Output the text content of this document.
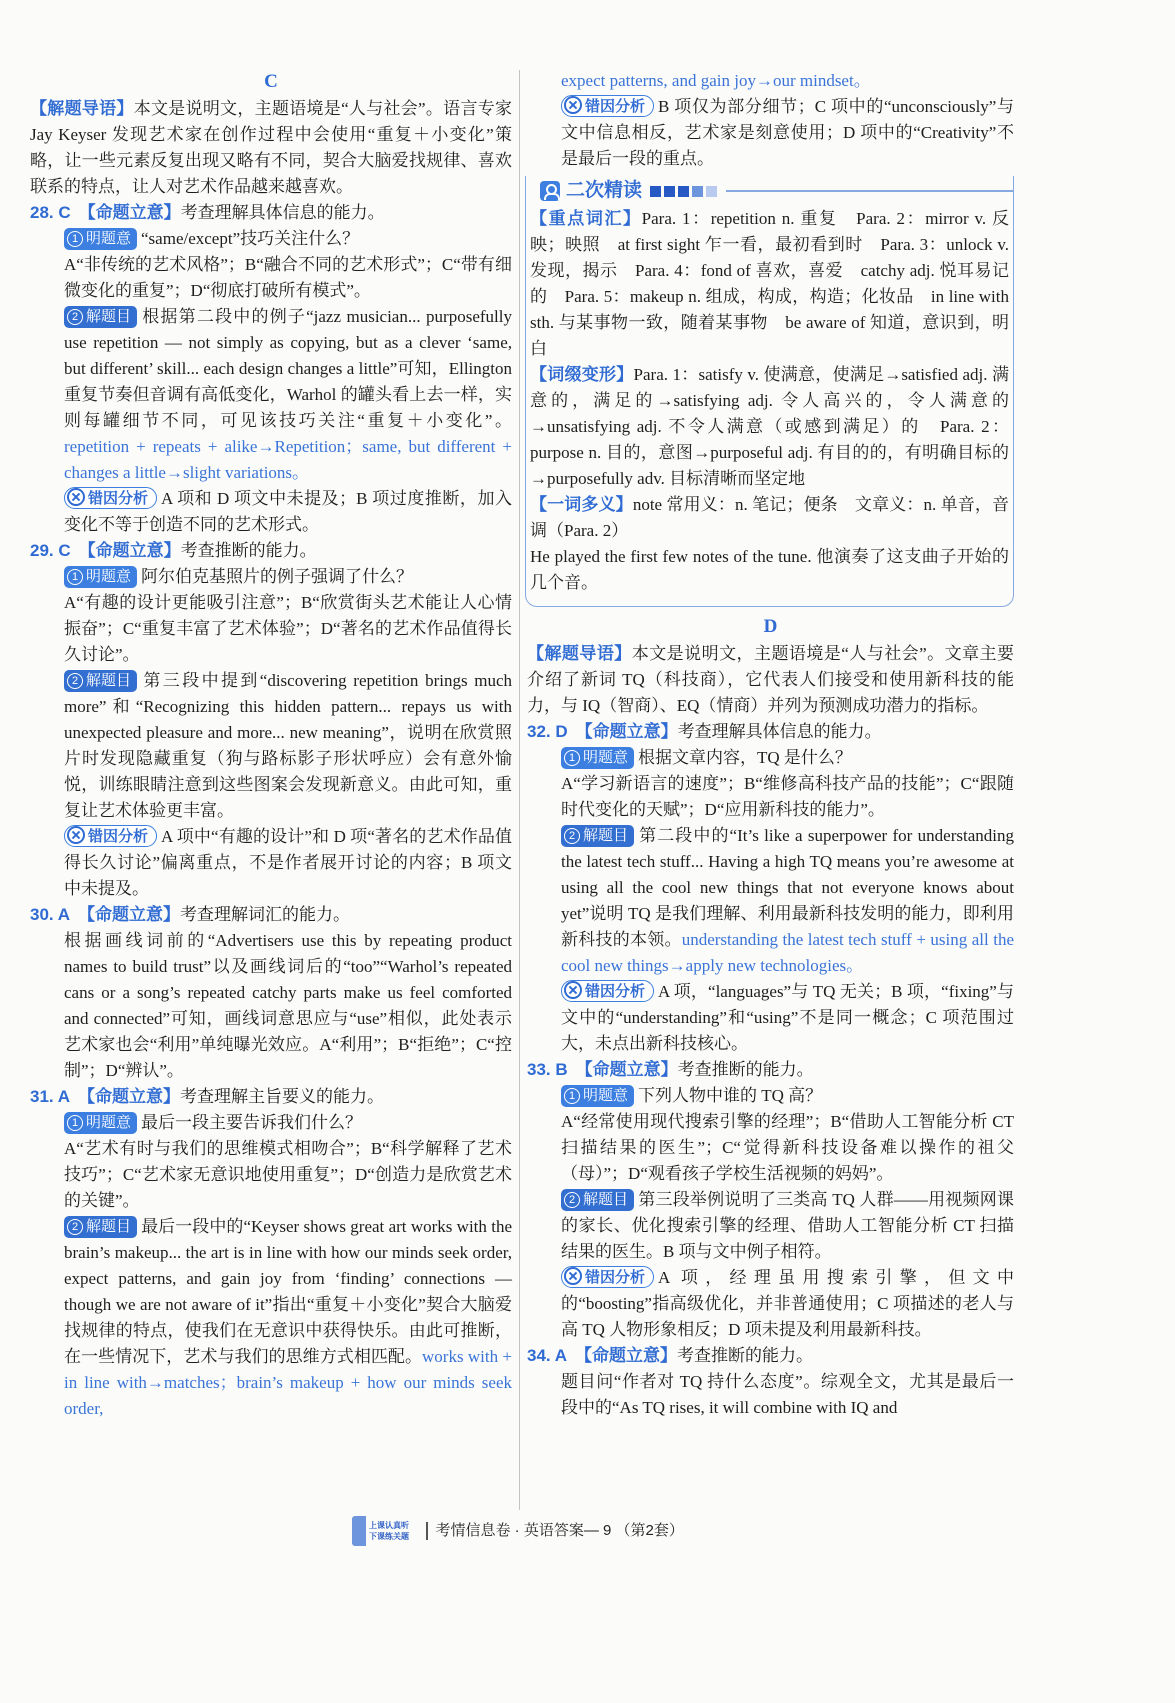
C
【解题导语】本文是说明文，主题语境是“人与社会”。语言专家 Jay Keyser 发现艺术家在创作过程中会使用“重复＋小变化”策略，让一些元素反复出现又略有不同，契合大脑爱找规律、喜欢联系的特点，让人对艺术作品越来越喜欢。
28. C 【命题立意】考查理解具体信息的能力。
1 明题意 “same/except”技巧关注什么？
A“非传统的艺术风格”；B“融合不同的艺术形式”；C“带有细微变化的重复”；D“彻底打破所有模式”。
2 解题目 根据第二段中的例子“jazz musician... purposefully use repetition — not simply as copying, but as a clever ‘same, but different’ skill... each design changes a little”可知，Ellington 重复节奏但音调有高低变化，Warhol 的罐头看上去一样，实则每罐细节不同，可见该技巧关注“重复＋小变化”。repetition + repeats + alike→Repetition；same, but different + changes a little→slight variations。
错因分析 A 项和 D 项文中未提及；B 项过度推断，加入变化不等于创造不同的艺术形式。
29. C 【命题立意】考查推断的能力。
1 明题意 阿尔伯克基照片的例子强调了什么？
A“有趣的设计更能吸引注意”；B“欣赏街头艺术能让人心情振奋”；C“重复丰富了艺术体验”；D“著名的艺术作品值得长久讨论”。
2 解题目 第三段中提到“discovering repetition brings much more”和“Recognizing this hidden pattern... repays us with unexpected pleasure and more... new meaning”，说明在欣赏照片时发现隐藏重复（狗与路标影子形状呼应）会有意外愉悦，训练眼睛注意到这些图案会发现新意义。由此可知，重复让艺术体验更丰富。
错因分析 A 项中“有趣的设计”和 D 项“著名的艺术作品值得长久讨论”偏离重点，不是作者展开讨论的内容；B 项文中未提及。
30. A 【命题立意】考查理解词汇的能力。
根据画线词前的“Advertisers use this by repeating product names to build trust”以及画线词后的“too”“Warhol’s repeated cans or a song’s repeated catchy parts make us feel comforted and connected”可知，画线词意思应与“use”相似，此处表示艺术家也会“利用”单纯曝光效应。A“利用”；B“拒绝”；C“控制”；D“辨认”。
31. A 【命题立意】考查理解主旨要义的能力。
1 明题意 最后一段主要告诉我们什么？
A“艺术有时与我们的思维模式相吻合”；B“科学解释了艺术技巧”；C“艺术家无意识地使用重复”；D“创造力是欣赏艺术的关键”。
2 解题目 最后一段中的“Keyser shows great art works with the brain’s makeup... the art is in line with how our minds seek order, expect patterns, and gain joy from ‘finding’ connections — though we are not aware of it”指出“重复＋小变化”契合大脑爱找规律的特点，使我们在无意识中获得快乐。由此可推断，在一些情况下，艺术与我们的思维方式相匹配。works with + in line with→matches；brain’s makeup + how our minds seek order,
expect patterns, and gain joy→our mindset。
错因分析 B 项仅为部分细节；C 项中的“unconsciously”与文中信息相反，艺术家是刻意使用；D 项中的“Creativity”不是最后一段的重点。
二次精读
【重点词汇】Para. 1：repetition n. 重复　Para. 2：mirror v. 反映；映照　at first sight 乍一看，最初看到时　Para. 3：unlock v. 发现，揭示　Para. 4：fond of 喜欢，喜爱　catchy adj. 悦耳易记的　Para. 5：makeup n. 组成，构成，构造；化妆品　in line with sth. 与某事物一致，随着某事物　be aware of 知道，意识到，明白
【词缀变形】Para. 1：satisfy v. 使满意，使满足→satisfied adj. 满意的，满足的→satisfying adj. 令人高兴的，令人满意的→unsatisfying adj. 不令人满意（或感到满足）的　Para. 2：purpose n. 目的，意图→purposeful adj. 有目的的，有明确目标的→purposefully adv. 目标清晰而坚定地
【一词多义】note 常用义：n. 笔记；便条　文章义：n. 单音，音调（Para. 2）
He played the first few notes of the tune. 他演奏了这支曲子开始的几个音。
D
【解题导语】本文是说明文，主题语境是“人与社会”。文章主要介绍了新词 TQ（科技商），它代表人们接受和使用新科技的能力，与 IQ（智商）、EQ（情商）并列为预测成功潜力的指标。
32. D 【命题立意】考查理解具体信息的能力。
1 明题意 根据文章内容，TQ 是什么？
A“学习新语言的速度”；B“维修高科技产品的技能”；C“跟随时代变化的天赋”；D“应用新科技的能力”。
2 解题目 第二段中的“It’s like a superpower for understanding the latest tech stuff... Having a high TQ means you’re awesome at using all the cool new things that not everyone knows about yet”说明 TQ 是我们理解、利用最新科技发明的能力，即利用新科技的本领。understanding the latest tech stuff + using all the cool new things→apply new technologies。
错因分析 A 项，“languages”与 TQ 无关；B 项，“fixing”与文中的“understanding”和“using”不是同一概念；C 项范围过大，未点出新科技核心。
33. B 【命题立意】考查推断的能力。
1 明题意 下列人物中谁的 TQ 高？
A“经常使用现代搜索引擎的经理”；B“借助人工智能分析 CT 扫描结果的医生”；C“觉得新科技设备难以操作的祖父（母）”；D“观看孩子学校生活视频的妈妈”。
2 解题目 第三段举例说明了三类高 TQ 人群——用视频网课的家长、优化搜索引擎的经理、借助人工智能分析 CT 扫描结果的医生。B 项与文中例子相符。
错因分析 A 项，经理虽用搜索引擎，但文中的“boosting”指高级优化，并非普通使用；C 项描述的老人与高 TQ 人物形象相反；D 项未提及利用最新科技。
34. A 【命题立意】考查推断的能力。
题目问“作者对 TQ 持什么态度”。综观全文，尤其是最后一段中的“As TQ rises, it will combine with IQ and
上课认真听
下课练关题	考情信息卷 · 英语答案— 9 （第2套）
